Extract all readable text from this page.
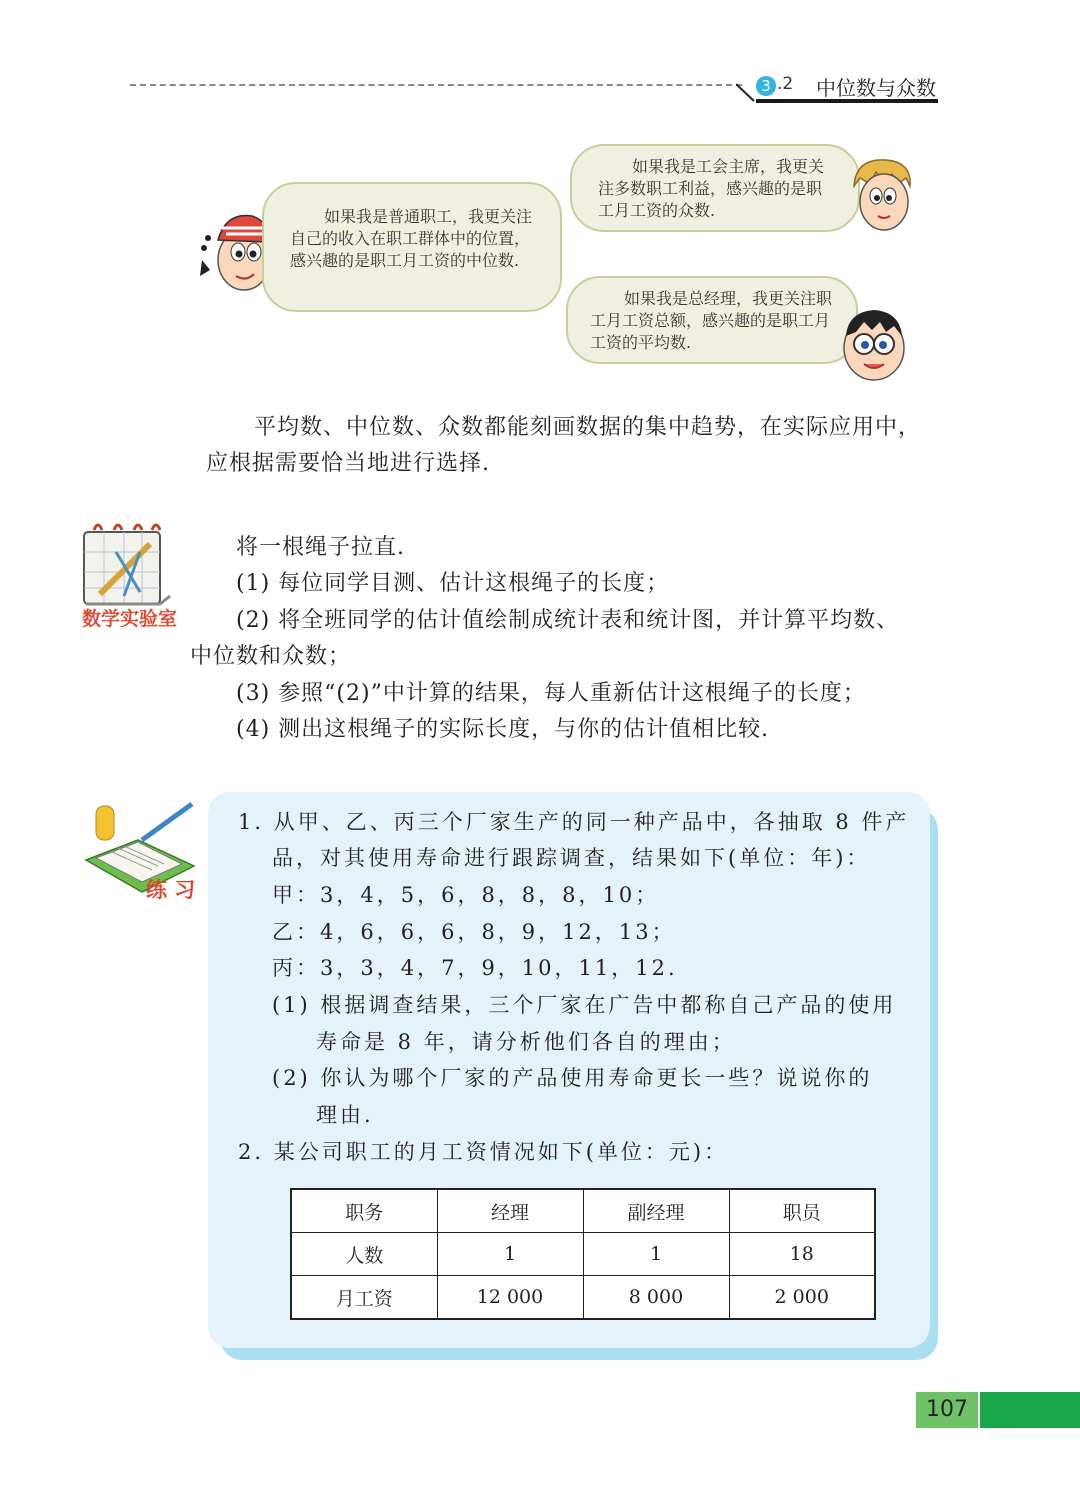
3 .2 中位数与众数
如果我是普通职工，我更关注自己的收入在职工群体中的位置，感兴趣的是职工月工资的中位数.
如果我是工会主席，我更关注多数职工利益，感兴趣的是职工月工资的众数.
如果我是总经理，我更关注职工月工资总额，感兴趣的是职工月工资的平均数.
平均数、中位数、众数都能刻画数据的集中趋势，在实际应用中，
应根据需要恰当地进行选择.
数学实验室
将一根绳子拉直.
(1) 每位同学目测、估计这根绳子的长度；
(2) 将全班同学的估计值绘制成统计表和统计图，并计算平均数、
中位数和众数；
(3) 参照“(2)”中计算的结果，每人重新估计这根绳子的长度；
(4) 测出这根绳子的实际长度，与你的估计值相比较.
练 习
1. 从甲、乙、丙三个厂家生产的同一种产品中，各抽取 8 件产
品，对其使用寿命进行跟踪调查，结果如下(单位：年)：
甲：3，4，5，6，8，8，8，10；
乙：4，6，6，6，8，9，12，13；
丙：3，3，4，7，9，10，11，12.
(1) 根据调查结果，三个厂家在广告中都称自己产品的使用
寿命是 8 年，请分析他们各自的理由；
(2) 你认为哪个厂家的产品使用寿命更长一些？说说你的
理由.
2. 某公司职工的月工资情况如下(单位：元)：
职务	经理	副经理	职员
人数	1	1	18
月工资	12 000	8 000	2 000
107
